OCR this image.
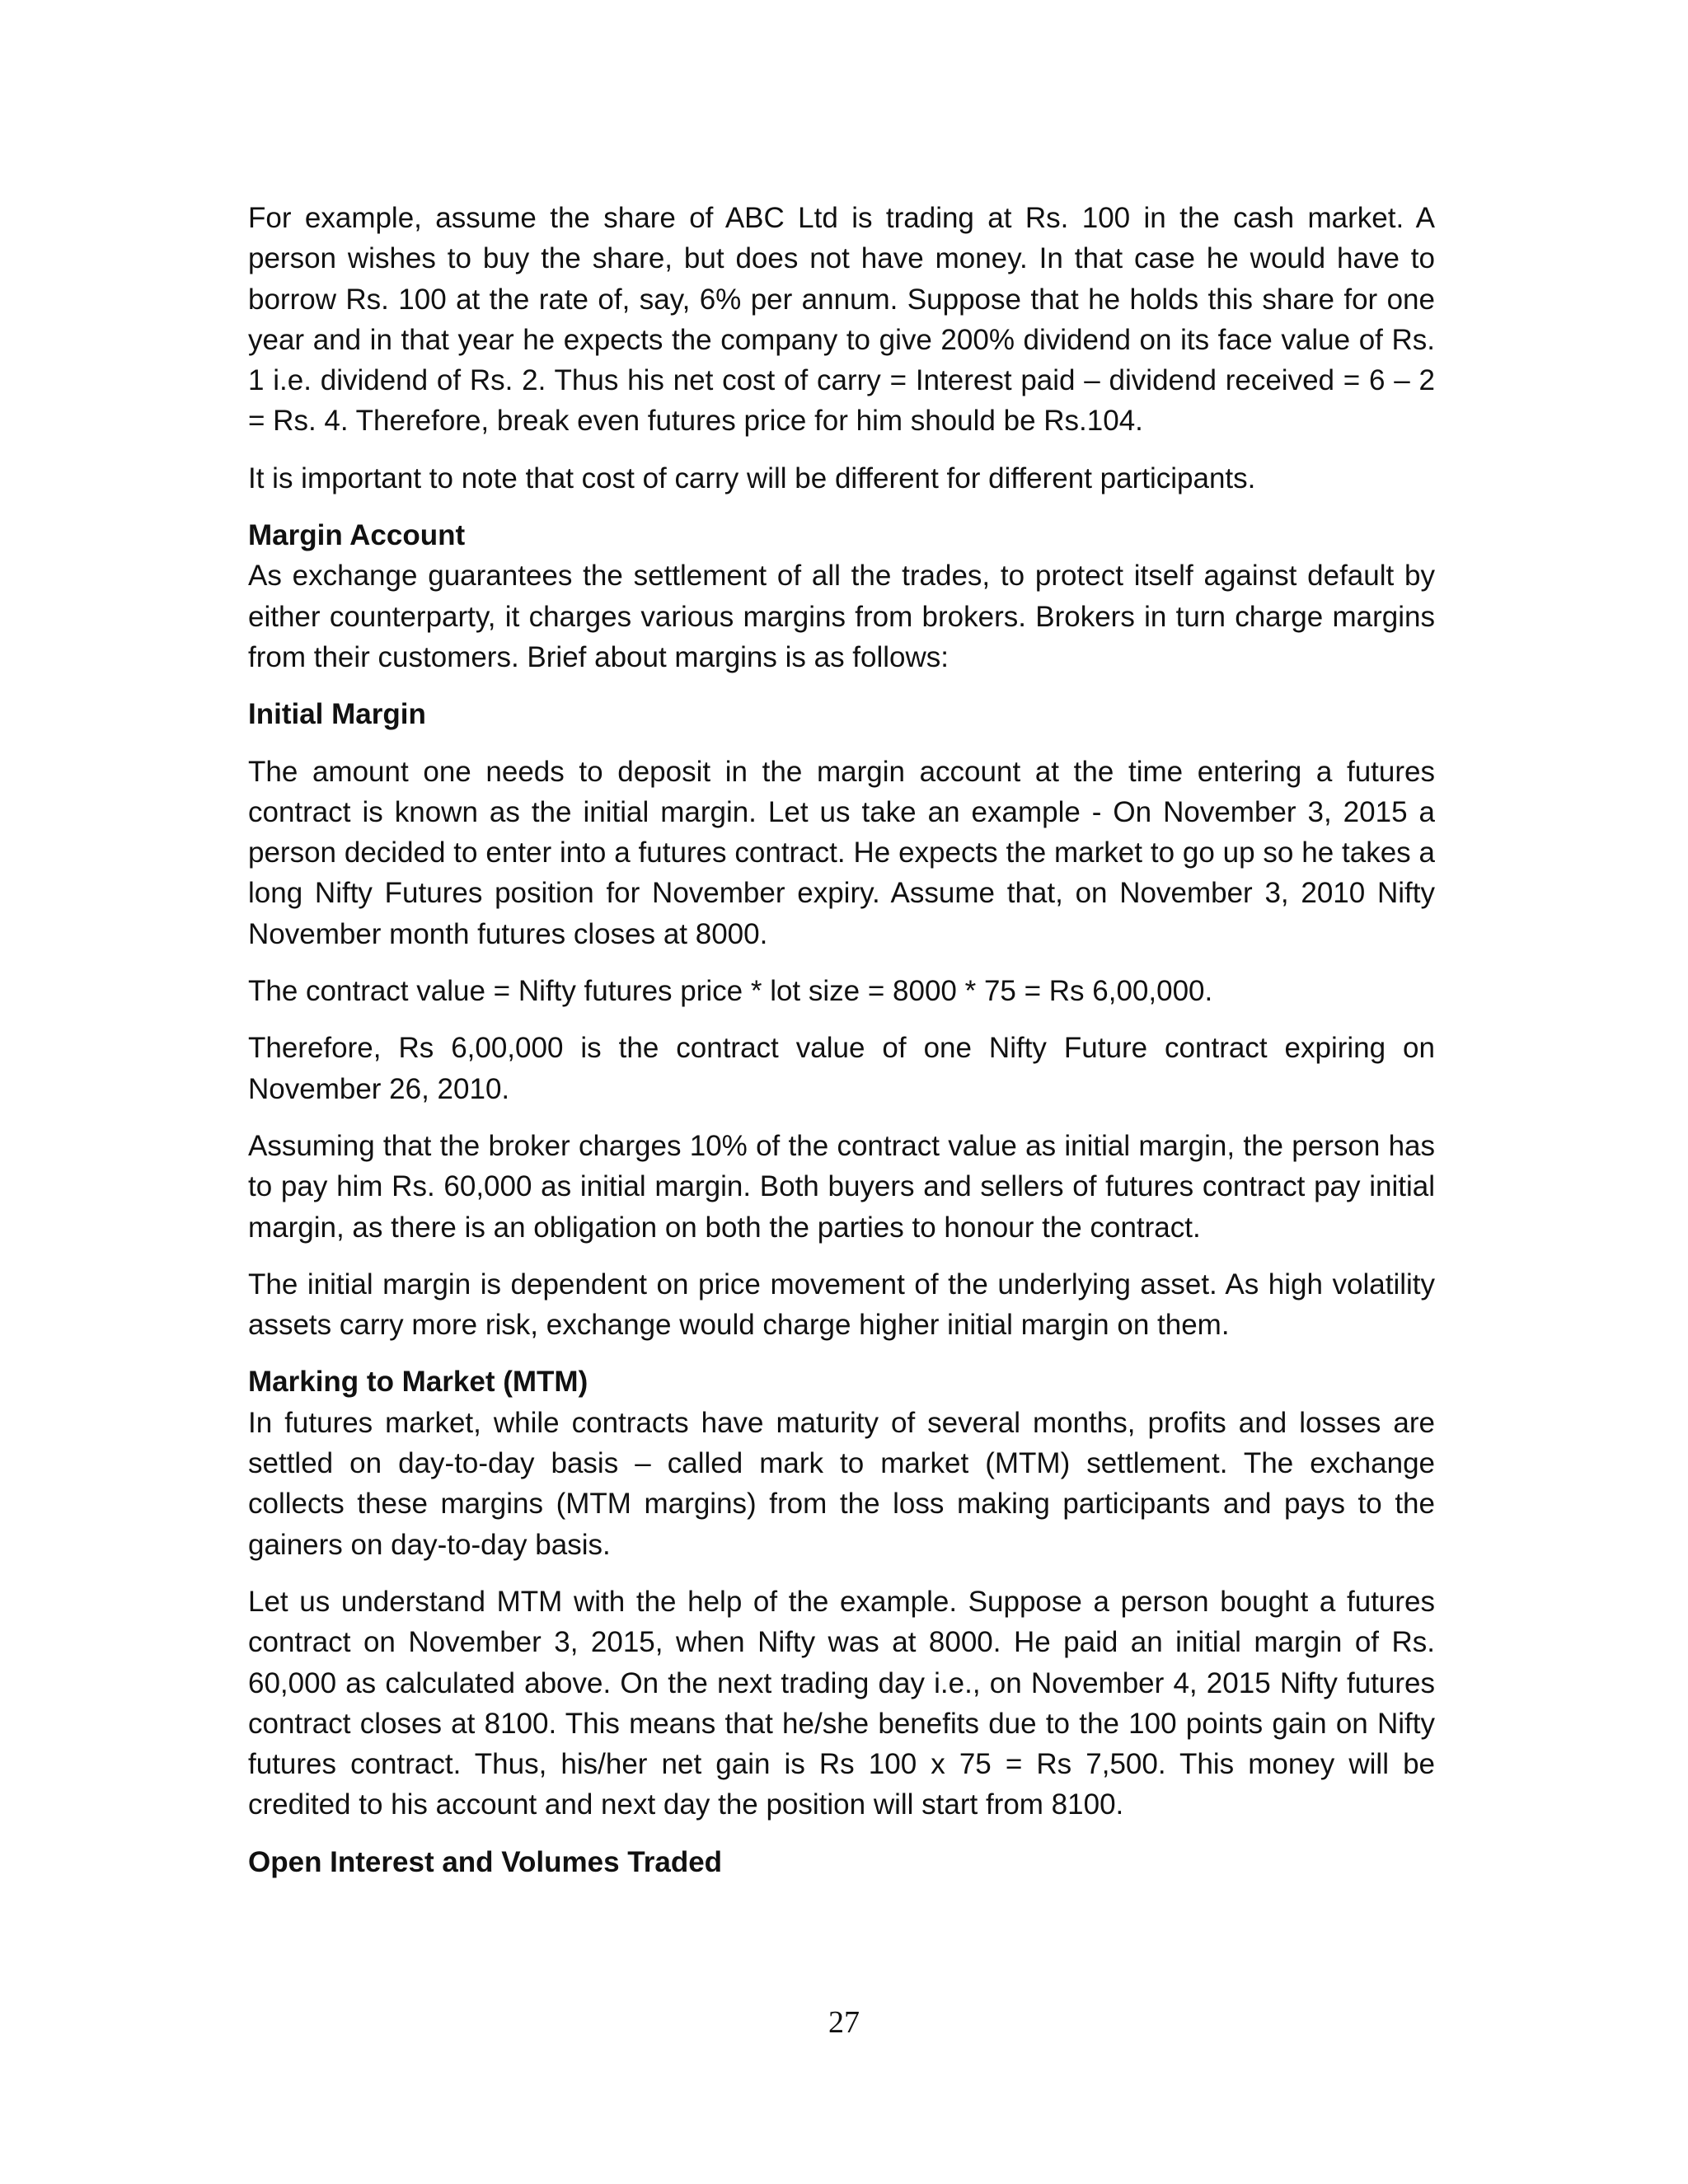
For example, assume the share of ABC Ltd is trading at Rs. 100 in the cash market. A person wishes to buy the share, but does not have money. In that case he would have to borrow Rs. 100 at the rate of, say, 6% per annum. Suppose that he holds this share for one year and in that year he expects the company to give 200% dividend on its face value of Rs. 1 i.e. dividend of Rs. 2. Thus his net cost of carry = Interest paid – dividend received = 6 – 2 = Rs. 4. Therefore, break even futures price for him should be Rs.104.

It is important to note that cost of carry will be different for different participants.

Margin Account

As exchange guarantees the settlement of all the trades, to protect itself against default by either counterparty, it charges various margins from brokers. Brokers in turn charge margins from their customers. Brief about margins is as follows:

Initial Margin

The amount one needs to deposit in the margin account at the time entering a futures contract is known as the initial margin. Let us take an example - On November 3, 2015 a person decided to enter into a futures contract. He expects the market to go up so he takes a long Nifty Futures position for November expiry. Assume that, on November 3, 2010 Nifty November month futures closes at 8000.

The contract value = Nifty futures price * lot size = 8000 * 75 = Rs 6,00,000.

Therefore, Rs 6,00,000 is the contract value of one Nifty Future contract expiring on November 26, 2010.

Assuming that the broker charges 10% of the contract value as initial margin, the person has to pay him Rs. 60,000 as initial margin. Both buyers and sellers of futures contract pay initial margin, as there is an obligation on both the parties to honour the contract.

The initial margin is dependent on price movement of the underlying asset. As high volatility assets carry more risk, exchange would charge higher initial margin on them.

Marking to Market (MTM)

In futures market, while contracts have maturity of several months, profits and losses are settled on day-to-day basis – called mark to market (MTM) settlement. The exchange collects these margins (MTM margins) from the loss making participants and pays to the gainers on day-to-day basis.

Let us understand MTM with the help of the example. Suppose a person bought a futures contract on November 3, 2015, when Nifty was at 8000. He paid an initial margin of Rs. 60,000 as calculated above. On the next trading day i.e., on November 4, 2015 Nifty futures contract closes at 8100. This means that he/she benefits due to the 100 points gain on Nifty futures contract. Thus, his/her net gain is Rs 100 x 75 = Rs 7,500. This money will be credited to his account and next day the position will start from 8100.

Open Interest and Volumes Traded
27
